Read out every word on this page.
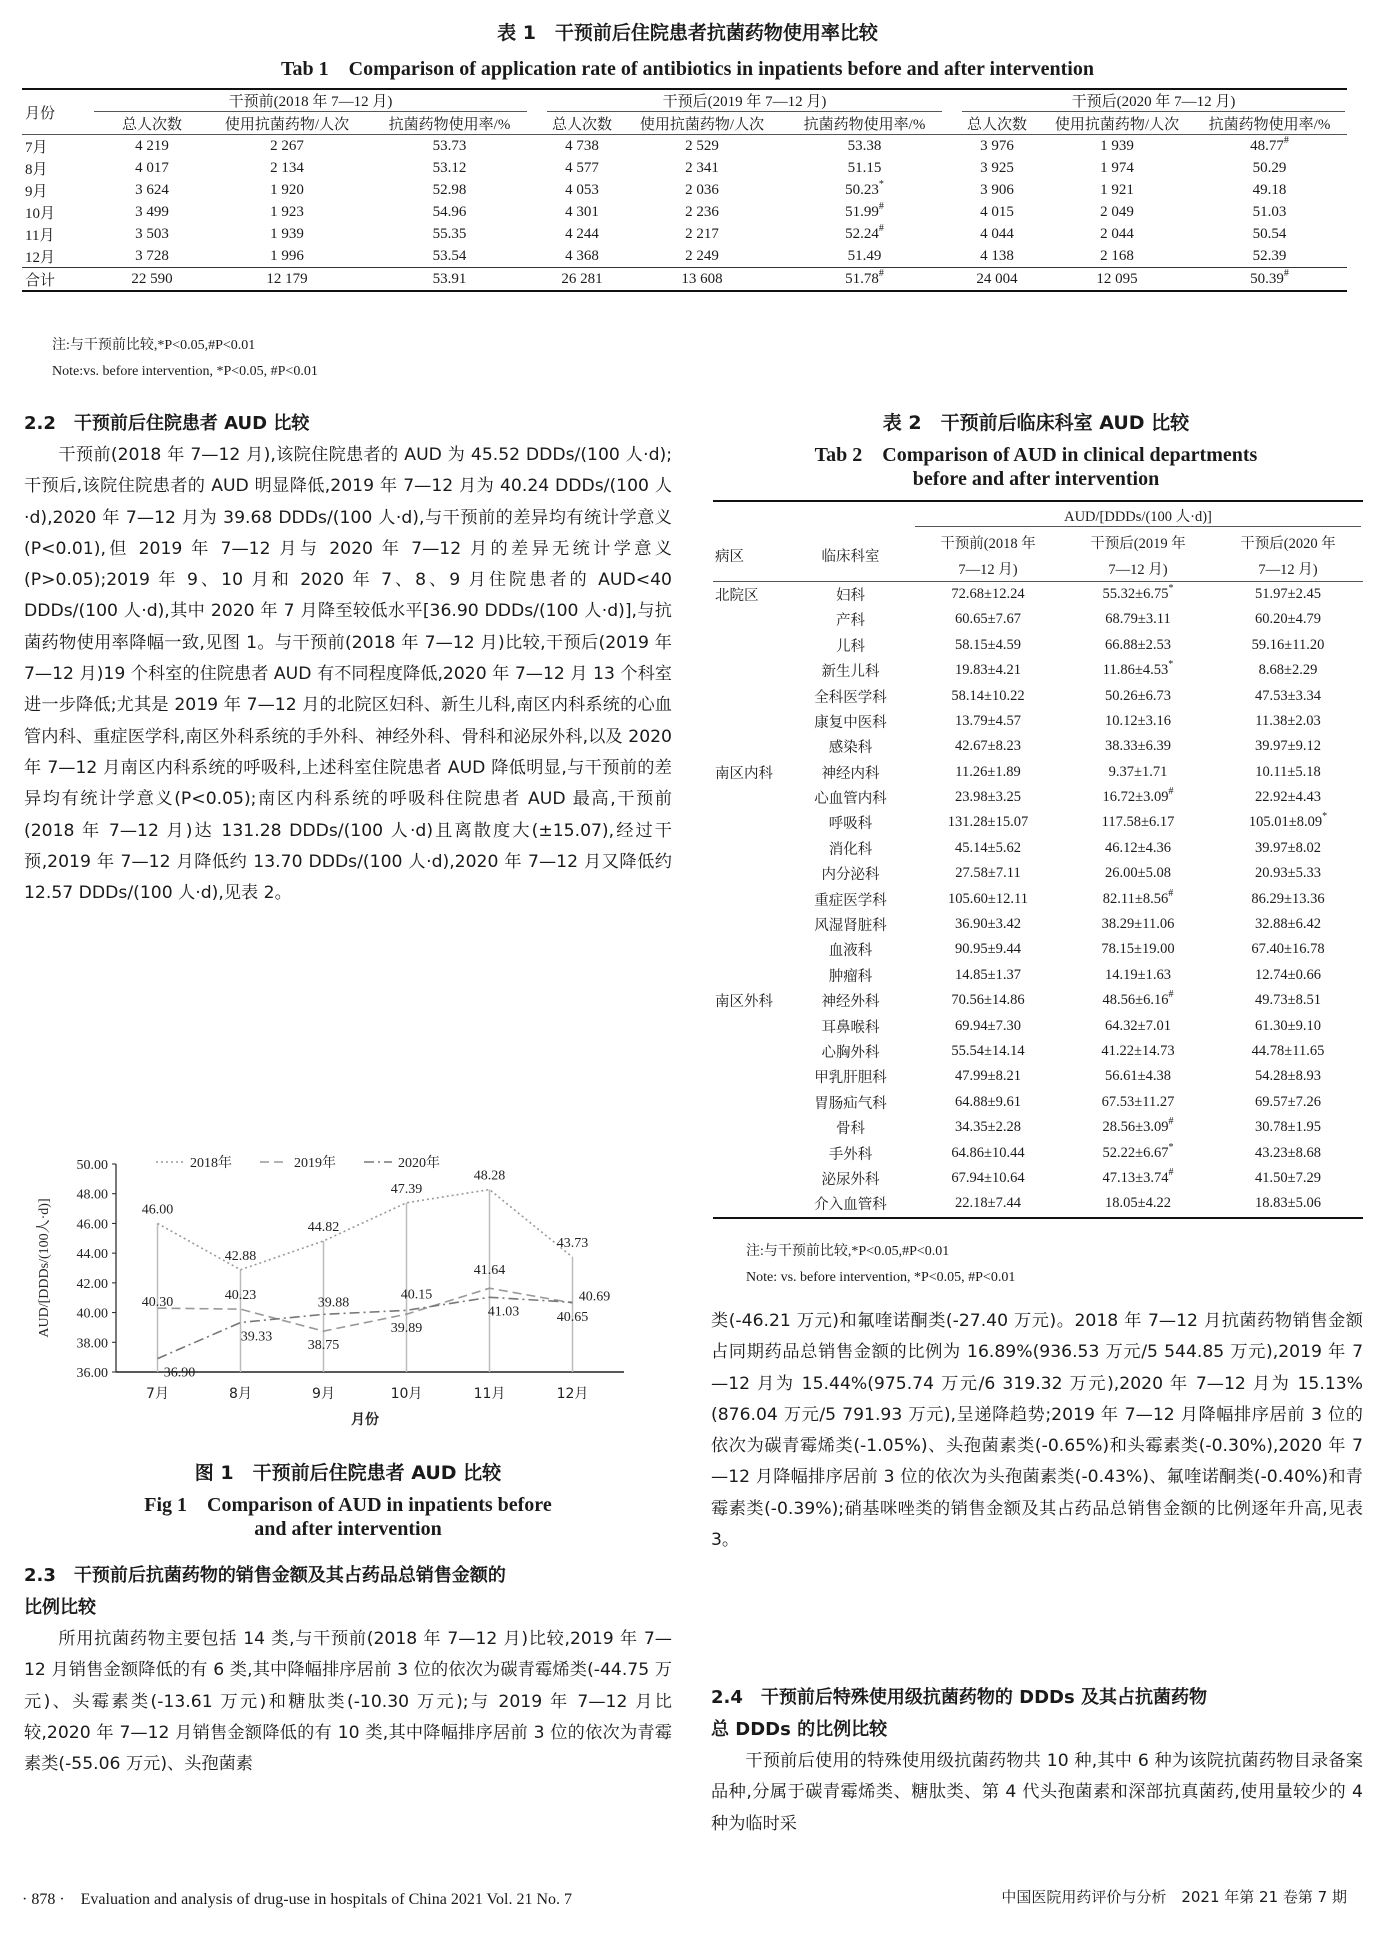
表 1　干预前后住院患者抗菌药物使用率比较
Tab 1　Comparison of application rate of antibiotics in inpatients before and after intervention
月份	干预前(2018 年 7—12 月)			干预后(2019 年 7—12 月)			干预后(2020 年 7—12 月)		

	总人次数	使用抗菌药物/人次	抗菌药物使用率/%	总人次数	使用抗菌药物/人次	抗菌药物使用率/%	总人次数	使用抗菌药物/人次	抗菌药物使用率/%
7月	4 219	2 267	53.73	4 738	2 529	53.38	3 976	1 939	48.77#
8月	4 017	2 134	53.12	4 577	2 341	51.15	3 925	1 974	50.29
9月	3 624	1 920	52.98	4 053	2 036	50.23*	3 906	1 921	49.18
10月	3 499	1 923	54.96	4 301	2 236	51.99#	4 015	2 049	51.03
11月	3 503	1 939	55.35	4 244	2 217	52.24#	4 044	2 044	50.54
12月	3 728	1 996	53.54	4 368	2 249	51.49	4 138	2 168	52.39
合计	22 590	12 179	53.91	26 281	13 608	51.78#	24 004	12 095	50.39#
注:与干预前比较,*P<0.05,#P<0.01
Note:vs. before intervention, *P<0.05, #P<0.01
2.2　干预前后住院患者 AUD 比较
干预前(2018 年 7—12 月),该院住院患者的 AUD 为 45.52 DDDs/(100 人·d);干预后,该院住院患者的 AUD 明显降低,2019 年 7—12 月为 40.24 DDDs/(100 人·d),2020 年 7—12 月为 39.68 DDDs/(100 人·d),与干预前的差异均有统计学意义(P<0.01),但 2019 年 7—12 月与 2020 年 7—12 月的差异无统计学意义(P>0.05);2019 年 9、10 月和 2020 年 7、8、9 月住院患者的 AUD<40 DDDs/(100 人·d),其中 2020 年 7 月降至较低水平[36.90 DDDs/(100 人·d)],与抗菌药物使用率降幅一致,见图 1。与干预前(2018 年 7—12 月)比较,干预后(2019 年 7—12 月)19 个科室的住院患者 AUD 有不同程度降低,2020 年 7—12 月 13 个科室进一步降低;尤其是 2019 年 7—12 月的北院区妇科、新生儿科,南区内科系统的心血管内科、重症医学科,南区外科系统的手外科、神经外科、骨科和泌尿外科,以及 2020 年 7—12 月南区内科系统的呼吸科,上述科室住院患者 AUD 降低明显,与干预前的差异均有统计学意义(P<0.05);南区内科系统的呼吸科住院患者 AUD 最高,干预前(2018 年 7—12 月)达 131.28 DDDs/(100 人·d)且离散度大(±15.07),经过干预,2019 年 7—12 月降低约 13.70 DDDs/(100 人·d),2020 年 7—12 月又降低约 12.57 DDDs/(100 人·d),见表 2。
36.00
38.00
40.00
42.00
44.00
46.00
48.00
50.00
AUD/[DDDs/(100人·d)]
7月	8月	9月	10月	11月	12月
月份
46.00
42.88
44.82
47.39
48.28
43.73
40.30	40.23
38.75
39.89
41.64
40.65
36.90
39.33
39.88
40.15
41.03
40.69
2018年	2019年	2020年
图 1　干预前后住院患者 AUD 比较
Fig 1　Comparison of AUD in inpatients before
and after intervention
2.3　干预前后抗菌药物的销售金额及其占药品总销售金额的
比例比较
所用抗菌药物主要包括 14 类,与干预前(2018 年 7—12 月)比较,2019 年 7—12 月销售金额降低的有 6 类,其中降幅排序居前 3 位的依次为碳青霉烯类(-44.75 万元)、头霉素类(-13.61 万元)和糖肽类(-10.30 万元);与 2019 年 7—12 月比较,2020 年 7—12 月销售金额降低的有 10 类,其中降幅排序居前 3 位的依次为青霉素类(-55.06 万元)、头孢菌素
表 2　干预前后临床科室 AUD 比较
Tab 2　Comparison of AUD in clinical departments
before and after intervention

		AUD/[DDDs/(100 人·d)]		

病区	临床科室	干预前(2018 年	干预后(2019 年	干预后(2020 年
		7—12 月)	7—12 月)	7—12 月)
北院区	妇科	72.68±12.24	55.32±6.75*	51.97±2.45
	产科	60.65±7.67	68.79±3.11	60.20±4.79
	儿科	58.15±4.59	66.88±2.53	59.16±11.20
	新生儿科	19.83±4.21	11.86±4.53*	8.68±2.29
	全科医学科	58.14±10.22	50.26±6.73	47.53±3.34
	康复中医科	13.79±4.57	10.12±3.16	11.38±2.03
	感染科	42.67±8.23	38.33±6.39	39.97±9.12
南区内科	神经内科	11.26±1.89	9.37±1.71	10.11±5.18
	心血管内科	23.98±3.25	16.72±3.09#	22.92±4.43
	呼吸科	131.28±15.07	117.58±6.17	105.01±8.09*
	消化科	45.14±5.62	46.12±4.36	39.97±8.02
	内分泌科	27.58±7.11	26.00±5.08	20.93±5.33
	重症医学科	105.60±12.11	82.11±8.56#	86.29±13.36
	风湿肾脏科	36.90±3.42	38.29±11.06	32.88±6.42
	血液科	90.95±9.44	78.15±19.00	67.40±16.78
	肿瘤科	14.85±1.37	14.19±1.63	12.74±0.66
南区外科	神经外科	70.56±14.86	48.56±6.16#	49.73±8.51
	耳鼻喉科	69.94±7.30	64.32±7.01	61.30±9.10
	心胸外科	55.54±14.14	41.22±14.73	44.78±11.65
	甲乳肝胆科	47.99±8.21	56.61±4.38	54.28±8.93
	胃肠疝气科	64.88±9.61	67.53±11.27	69.57±7.26
	骨科	34.35±2.28	28.56±3.09#	30.78±1.95
	手外科	64.86±10.44	52.22±6.67*	43.23±8.68
	泌尿外科	67.94±10.64	47.13±3.74#	41.50±7.29
	介入血管科	22.18±7.44	18.05±4.22	18.83±5.06
注:与干预前比较,*P<0.05,#P<0.01
Note: vs. before intervention, *P<0.05, #P<0.01
类(-46.21 万元)和氟喹诺酮类(-27.40 万元)。2018 年 7—12 月抗菌药物销售金额占同期药品总销售金额的比例为 16.89%(936.53 万元/5 544.85 万元),2019 年 7—12 月为 15.44%(975.74 万元/6 319.32 万元),2020 年 7—12 月为 15.13%(876.04 万元/5 791.93 万元),呈递降趋势;2019 年 7—12 月降幅排序居前 3 位的依次为碳青霉烯类(-1.05%)、头孢菌素类(-0.65%)和头霉素类(-0.30%),2020 年 7—12 月降幅排序居前 3 位的依次为头孢菌素类(-0.43%)、氟喹诺酮类(-0.40%)和青霉素类(-0.39%);硝基咪唑类的销售金额及其占药品总销售金额的比例逐年升高,见表 3。
2.4　干预前后特殊使用级抗菌药物的 DDDs 及其占抗菌药物
总 DDDs 的比例比较
干预前后使用的特殊使用级抗菌药物共 10 种,其中 6 种为该院抗菌药物目录备案品种,分属于碳青霉烯类、糖肽类、第 4 代头孢菌素和深部抗真菌药,使用量较少的 4 种为临时采
· 878 ·　Evaluation and analysis of drug-use in hospitals of China 2021 Vol. 21 No. 7	中国医院用药评价与分析　2021 年第 21 卷第 7 期
